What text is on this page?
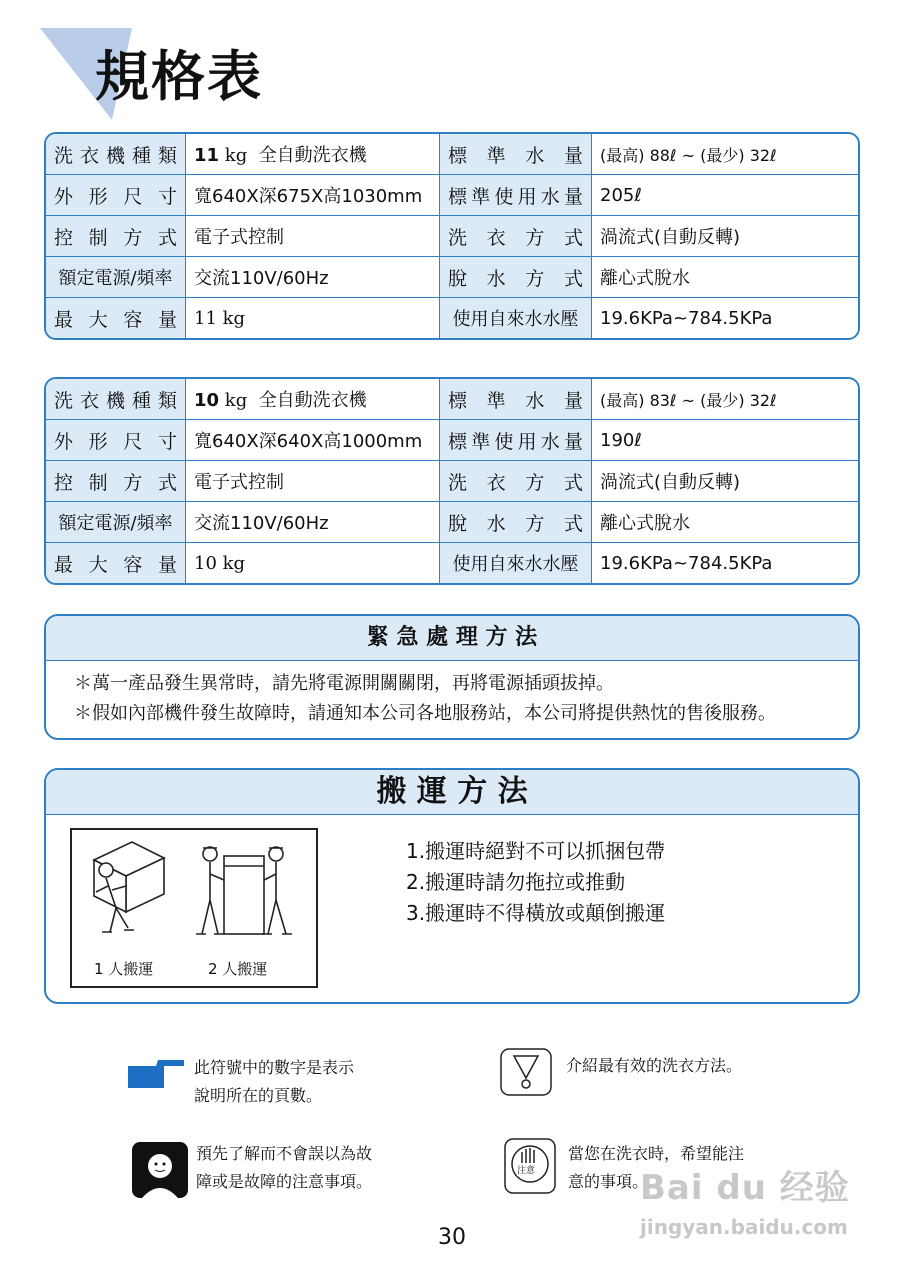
規格表
洗衣機種類	11 kg 全自動洗衣機	標 準 水 量	(最高) 88ℓ ~ (最少) 32ℓ
外 形 尺 寸	寬640X深675X高1030mm	標準使用水量	205ℓ
控 制 方 式	電子式控制	洗 衣 方 式	渦流式(自動反轉)
額定電源/頻率	交流110V/60Hz	脫 水 方 式	離心式脫水
最 大 容 量	11 kg	使用自來水水壓	19.6KPa~784.5KPa
洗衣機種類	10 kg 全自動洗衣機	標 準 水 量	(最高) 83ℓ ~ (最少) 32ℓ
外 形 尺 寸	寬640X深640X高1000mm	標準使用水量	190ℓ
控 制 方 式	電子式控制	洗 衣 方 式	渦流式(自動反轉)
額定電源/頻率	交流110V/60Hz	脫 水 方 式	離心式脫水
最 大 容 量	10 kg	使用自來水水壓	19.6KPa~784.5KPa
緊 急 處 理 方 法
＊萬一產品發生異常時，請先將電源開關關閉，再將電源插頭拔掉。
＊假如內部機件發生故障時，請通知本公司各地服務站，本公司將提供熱忱的售後服務。
搬 運 方 法
1 人搬運	2 人搬運
1.搬運時絕對不可以抓捆包帶
2.搬運時請勿拖拉或推動
3.搬運時不得橫放或顛倒搬運
此符號中的數字是表示
說明所在的頁數。
介紹最有效的洗衣方法。
預先了解而不會誤以為故
障或是故障的注意事項。
注意
當您在洗衣時，希望能注
意的事項。
Bai du 经验
jingyan.baidu.com
30
